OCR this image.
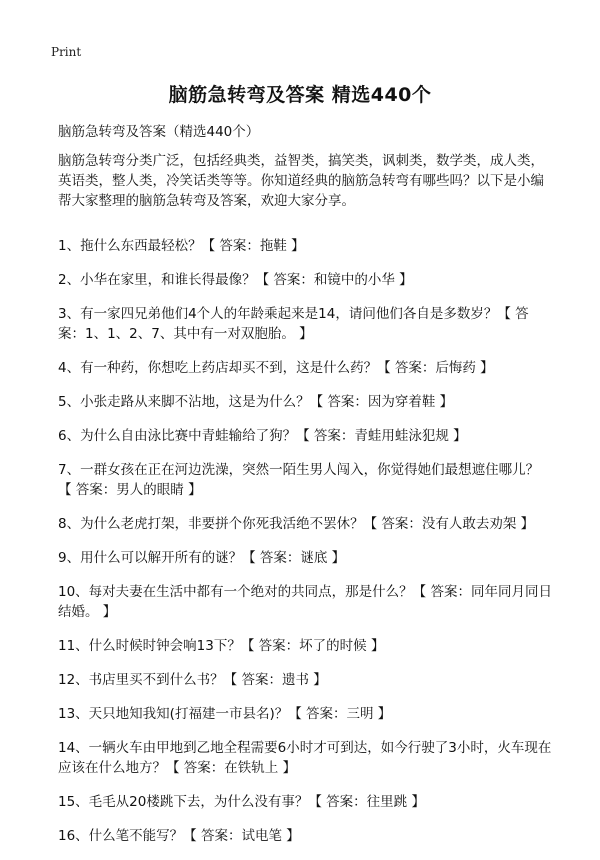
Print
脑筋急转弯及答案 精选440个
脑筋急转弯及答案（精选440个）
脑筋急转弯分类广泛，包括经典类，益智类，搞笑类，讽刺类，数学类，成人类，英语类，整人类，冷笑话类等等。你知道经典的脑筋急转弯有哪些吗？以下是小编帮大家整理的脑筋急转弯及答案，欢迎大家分享。
1、拖什么东西最轻松？【 答案：拖鞋 】
2、小华在家里，和谁长得最像？【 答案：和镜中的小华 】
3、有一家四兄弟他们4个人的年龄乘起来是14，请问他们各自是多数岁？【 答案：1、1、2、7、其中有一对双胞胎。 】
4、有一种药，你想吃上药店却买不到，这是什么药？【 答案：后悔药 】
5、小张走路从来脚不沾地，这是为什么？【 答案：因为穿着鞋 】
6、为什么自由泳比赛中青蛙输给了狗？【 答案：青蛙用蛙泳犯规 】
7、一群女孩在正在河边洗澡，突然一陌生男人闯入，你觉得她们最想遮住哪儿？【 答案：男人的眼睛 】
8、为什么老虎打架，非要拼个你死我活绝不罢休？【 答案：没有人敢去劝架 】
9、用什么可以解开所有的谜？【 答案：谜底 】
10、每对夫妻在生活中都有一个绝对的共同点，那是什么？【 答案：同年同月同日结婚。 】
11、什么时候时钟会响13下？【 答案：坏了的时候 】
12、书店里买不到什么书？【 答案：遗书 】
13、天只地知我知(打福建一市县名)？【 答案：三明 】
14、一辆火车由甲地到乙地全程需要6小时才可到达，如今行驶了3小时，火车现在应该在什么地方？【 答案：在铁轨上 】
15、毛毛从20楼跳下去，为什么没有事？【 答案：往里跳 】
16、什么笔不能写？【 答案：试电笔 】
